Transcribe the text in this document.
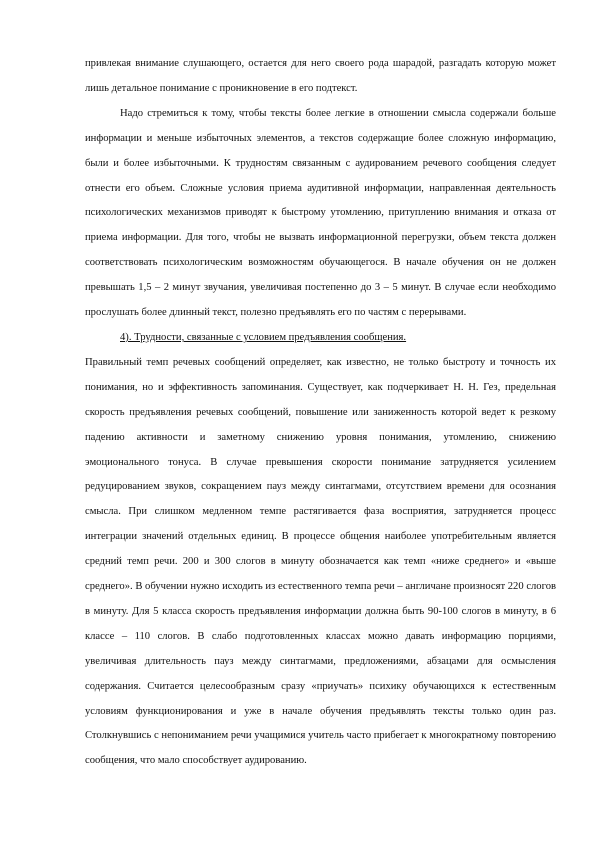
привлекая внимание слушающего, остается для него своего рода шарадой, разгадать которую может лишь детальное понимание с проникновение в его подтекст.

Надо стремиться к тому, чтобы тексты более легкие в отношении смысла содержали больше информации и меньше избыточных элементов, а текстов содержащие более сложную информацию, были и более избыточными. К трудностям связанным с аудированием речевого сообщения следует отнести его объем. Сложные условия приема аудитивной информации, направленная деятельность психологических механизмов приводят к быстрому утомлению, притуплению внимания и отказа от приема информации. Для того, чтобы не вызвать информационной перегрузки, объем текста должен соответствовать психологическим возможностям обучающегося. В начале обучения он не должен превышать 1,5 – 2 минут звучания, увеличивая постепенно до 3 – 5 минут. В случае если необходимо прослушать более длинный текст, полезно предъявлять его по частям с перерывами.

4). Трудности, связанные с условием предъявления сообщения.

Правильный темп речевых сообщений определяет, как известно, не только быстроту и точность их понимания, но и эффективность запоминания. Существует, как подчеркивает Н. Н. Гез, предельная скорость предъявления речевых сообщений, повышение или заниженность которой ведет к резкому падению активности и заметному снижению уровня понимания, утомлению, снижению эмоционального тонуса. В случае превышения скорости понимание затрудняется усилением редуцированием звуков, сокращением пауз между синтагмами, отсутствием времени для осознания смысла. При слишком медленном темпе растягивается фаза восприятия, затрудняется процесс интеграции значений отдельных единиц. В процессе общения наиболее употребительным является средний темп речи. 200 и 300 слогов в минуту обозначается как темп «ниже среднего» и «выше среднего». В обучении нужно исходить из естественного темпа речи – англичане произносят 220 слогов в минуту. Для 5 класса скорость предъявления информации должна быть 90-100 слогов в минуту, в 6 классе – 110 слогов. В слабо подготовленных классах можно давать информацию порциями, увеличивая длительность пауз между синтагмами, предложениями, абзацами для осмысления содержания. Считается целесообразным сразу «приучать» психику обучающихся к естественным условиям функционирования и уже в начале обучения предъявлять тексты только один раз. Столкнувшись с непониманием речи учащимися учитель часто прибегает к многократному повторению сообщения, что мало способствует аудированию.
